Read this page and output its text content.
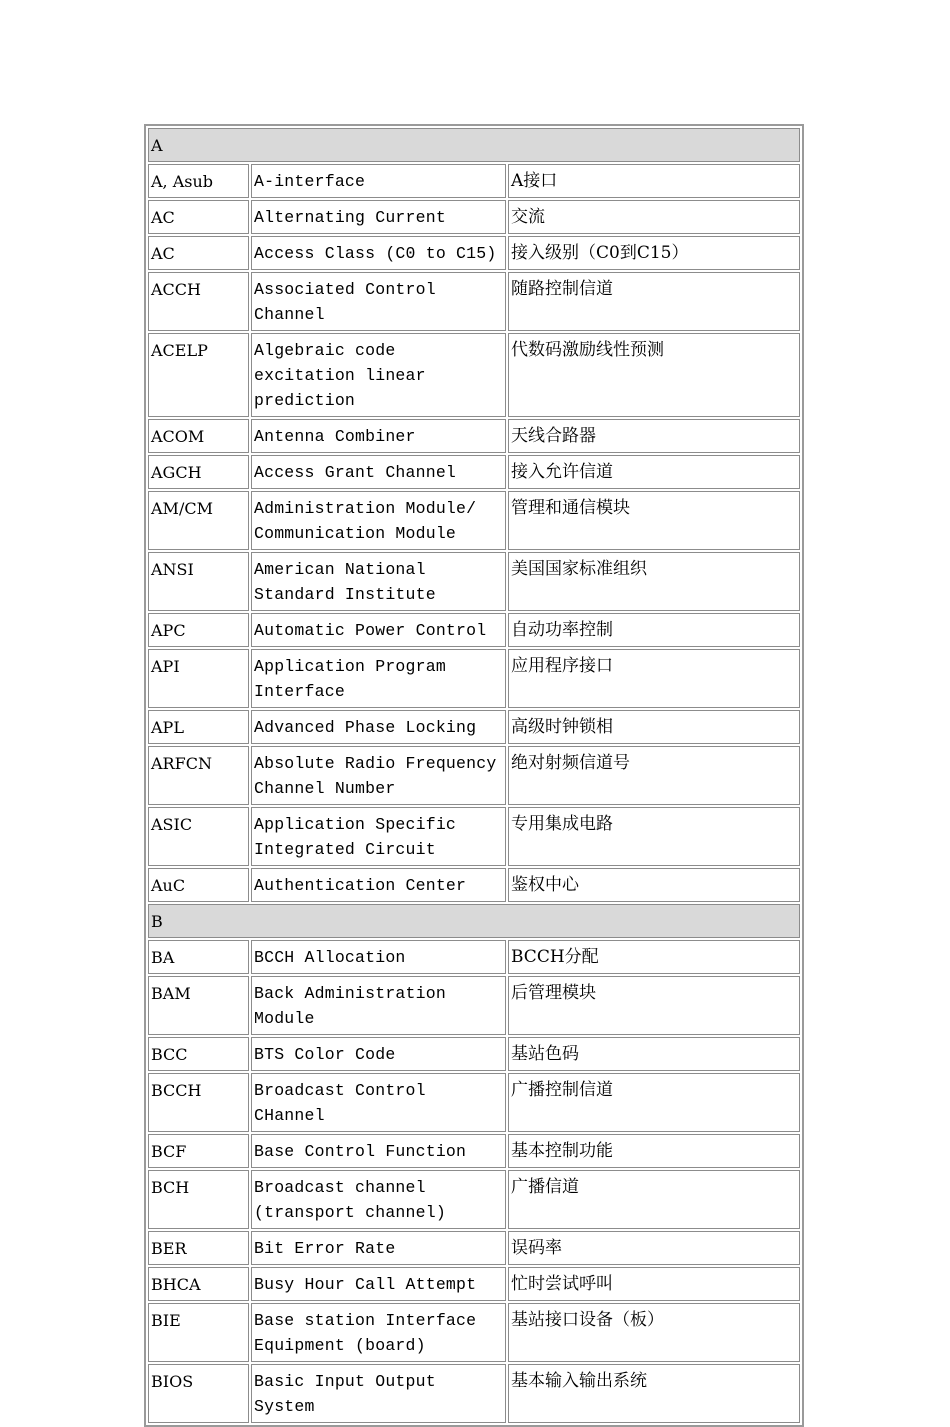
A		
A, Asub	A-interface	A接口
AC	Alternating Current	交流
AC	Access Class (C0 to C15)	接入级别（C0到C15）
ACCH	Associated Control Channel	随路控制信道
ACELP	Algebraic code excitation linear prediction	代数码激励线性预测
ACOM	Antenna Combiner	天线合路器
AGCH	Access Grant Channel	接入允许信道
AM/CM	Administration Module/ Communication Module	管理和通信模块
ANSI	American National Standard Institute	美国国家标准组织
APC	Automatic Power Control	自动功率控制
API	Application Program Interface	应用程序接口
APL	Advanced Phase Locking	高级时钟锁相
ARFCN	Absolute Radio Frequency Channel Number	绝对射频信道号
ASIC	Application Specific Integrated Circuit	专用集成电路
AuC	Authentication Center	鉴权中心
B		
BA	BCCH Allocation	BCCH分配
BAM	Back Administration Module	后管理模块
BCC	BTS Color Code	基站色码
BCCH	Broadcast Control CHannel	广播控制信道
BCF	Base Control Function	基本控制功能
BCH	Broadcast channel (transport channel)	广播信道
BER	Bit Error Rate	误码率
BHCA	Busy Hour Call Attempt	忙时尝试呼叫
BIE	Base station Interface Equipment (board)	基站接口设备（板）
BIOS	Basic Input Output System	基本输入输出系统
